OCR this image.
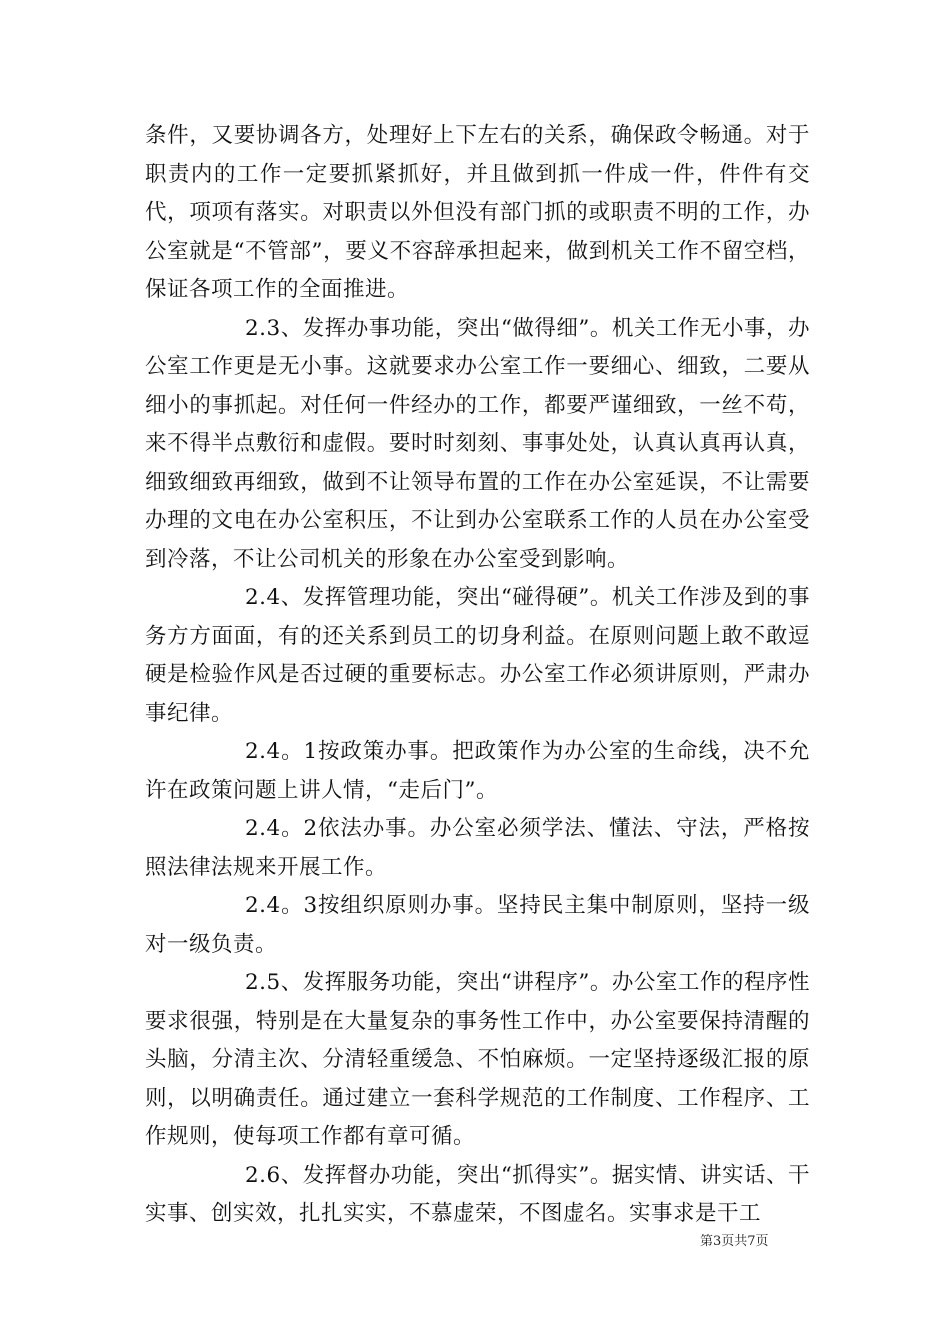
条件，又要协调各方，处理好上下左右的关系，确保政令畅通。对于职责内的工作一定要抓紧抓好，并且做到抓一件成一件，件件有交代，项项有落实。对职责以外但没有部门抓的或职责不明的工作，办公室就是“不管部”，要义不容辞承担起来，做到机关工作不留空档，保证各项工作的全面推进。

2.3、发挥办事功能，突出“做得细”。机关工作无小事，办公室工作更是无小事。这就要求办公室工作一要细心、细致，二要从细小的事抓起。对任何一件经办的工作，都要严谨细致，一丝不苟，来不得半点敷衍和虚假。要时时刻刻、事事处处，认真认真再认真，细致细致再细致，做到不让领导布置的工作在办公室延误，不让需要办理的文电在办公室积压，不让到办公室联系工作的人员在办公室受到冷落，不让公司机关的形象在办公室受到影响。

2.4、发挥管理功能，突出“碰得硬”。机关工作涉及到的事务方方面面，有的还关系到员工的切身利益。在原则问题上敢不敢逗硬是检验作风是否过硬的重要标志。办公室工作必须讲原则，严肃办事纪律。

2.4。1按政策办事。把政策作为办公室的生命线，决不允许在政策问题上讲人情，“走后门”。

2.4。2依法办事。办公室必须学法、懂法、守法，严格按照法律法规来开展工作。

2.4。3按组织原则办事。坚持民主集中制原则，坚持一级对一级负责。

2.5、发挥服务功能，突出“讲程序”。办公室工作的程序性要求很强，特别是在大量复杂的事务性工作中，办公室要保持清醒的头脑，分清主次、分清轻重缓急、不怕麻烦。一定坚持逐级汇报的原则，以明确责任。通过建立一套科学规范的工作制度、工作程序、工作规则，使每项工作都有章可循。

2.6、发挥督办功能，突出“抓得实”。据实情、讲实话、干实事、创实效，扎扎实实，不慕虚荣，不图虚名。实事求是干工

第3页共7页
